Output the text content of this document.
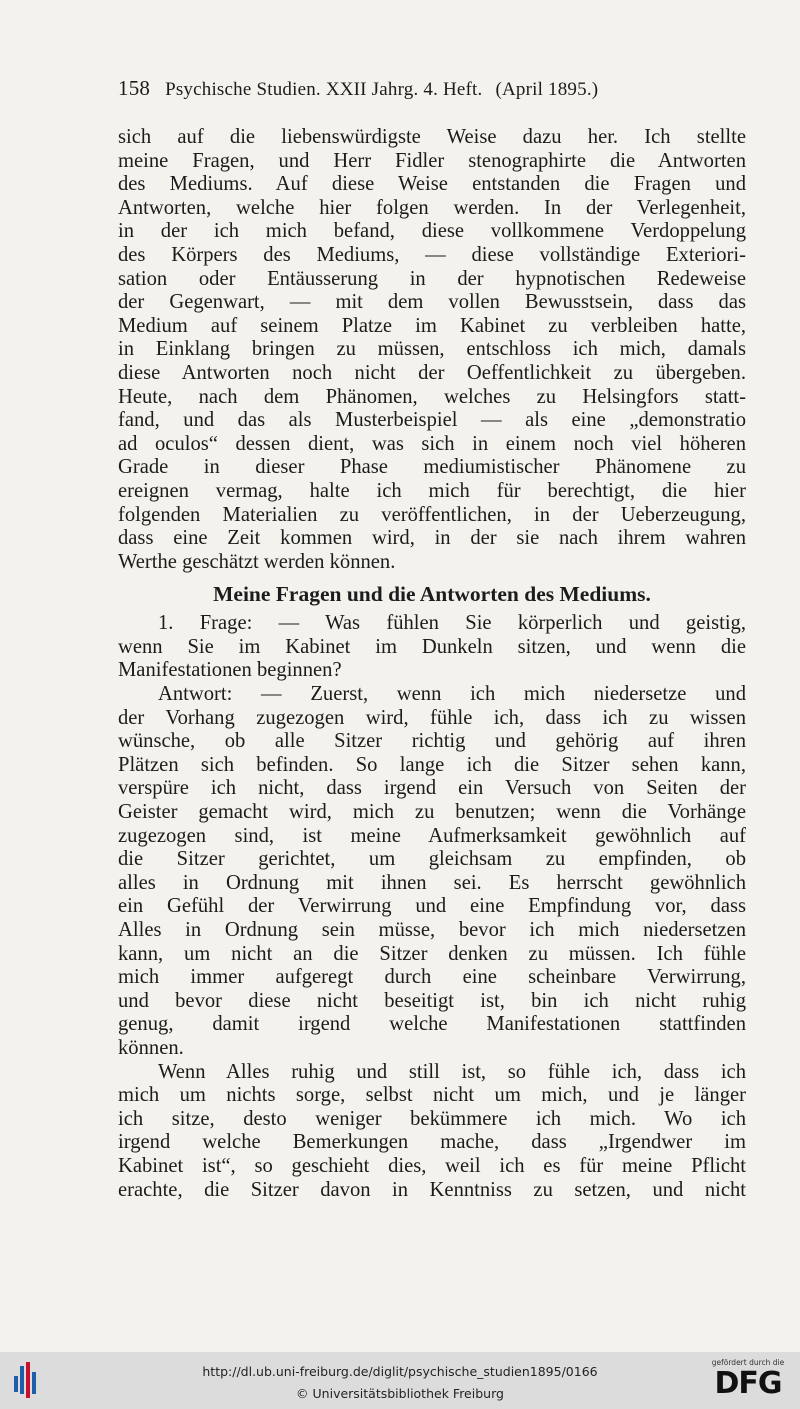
158 Psychische Studien. XXII Jahrg. 4. Heft. (April 1895.)
sich auf die liebenswürdigste Weise dazu her. Ich stellte
meine Fragen, und Herr Fidler stenographirte die Antworten
des Mediums. Auf diese Weise entstanden die Fragen und
Antworten, welche hier folgen werden. In der Verlegenheit,
in der ich mich befand, diese vollkommene Verdoppelung
des Körpers des Mediums, — diese vollständige Exteriori-
sation oder Entäusserung in der hypnotischen Redeweise
der Gegenwart, — mit dem vollen Bewusstsein, dass das
Medium auf seinem Platze im Kabinet zu verbleiben hatte,
in Einklang bringen zu müssen, entschloss ich mich, damals
diese Antworten noch nicht der Oeffentlichkeit zu übergeben.
Heute, nach dem Phänomen, welches zu Helsingfors statt-
fand, und das als Musterbeispiel — als eine „demonstratio
ad oculos“ dessen dient, was sich in einem noch viel höheren
Grade in dieser Phase mediumistischer Phänomene zu
ereignen vermag, halte ich mich für berechtigt, die hier
folgenden Materialien zu veröffentlichen, in der Ueberzeugung,
dass eine Zeit kommen wird, in der sie nach ihrem wahren
Werthe geschätzt werden können.
Meine Fragen und die Antworten des Mediums.
1. Frage: — Was fühlen Sie körperlich und geistig,
wenn Sie im Kabinet im Dunkeln sitzen, und wenn die
Manifestationen beginnen?
Antwort: — Zuerst, wenn ich mich niedersetze und
der Vorhang zugezogen wird, fühle ich, dass ich zu wissen
wünsche, ob alle Sitzer richtig und gehörig auf ihren
Plätzen sich befinden. So lange ich die Sitzer sehen kann,
verspüre ich nicht, dass irgend ein Versuch von Seiten der
Geister gemacht wird, mich zu benutzen; wenn die Vorhänge
zugezogen sind, ist meine Aufmerksamkeit gewöhnlich auf
die Sitzer gerichtet, um gleichsam zu empfinden, ob
alles in Ordnung mit ihnen sei. Es herrscht gewöhnlich
ein Gefühl der Verwirrung und eine Empfindung vor, dass
Alles in Ordnung sein müsse, bevor ich mich niedersetzen
kann, um nicht an die Sitzer denken zu müssen. Ich fühle
mich immer aufgeregt durch eine scheinbare Verwirrung,
und bevor diese nicht beseitigt ist, bin ich nicht ruhig
genug, damit irgend welche Manifestationen stattfinden
können.
Wenn Alles ruhig und still ist, so fühle ich, dass ich
mich um nichts sorge, selbst nicht um mich, und je länger
ich sitze, desto weniger bekümmere ich mich. Wo ich
irgend welche Bemerkungen mache, dass „Irgendwer im
Kabinet ist“, so geschieht dies, weil ich es für meine Pflicht
erachte, die Sitzer davon in Kenntniss zu setzen, und nicht
http://dl.ub.uni-freiburg.de/diglit/psychische_studien1895/0166
© Universitätsbibliothek Freiburg
gefördert durch die
DFG
